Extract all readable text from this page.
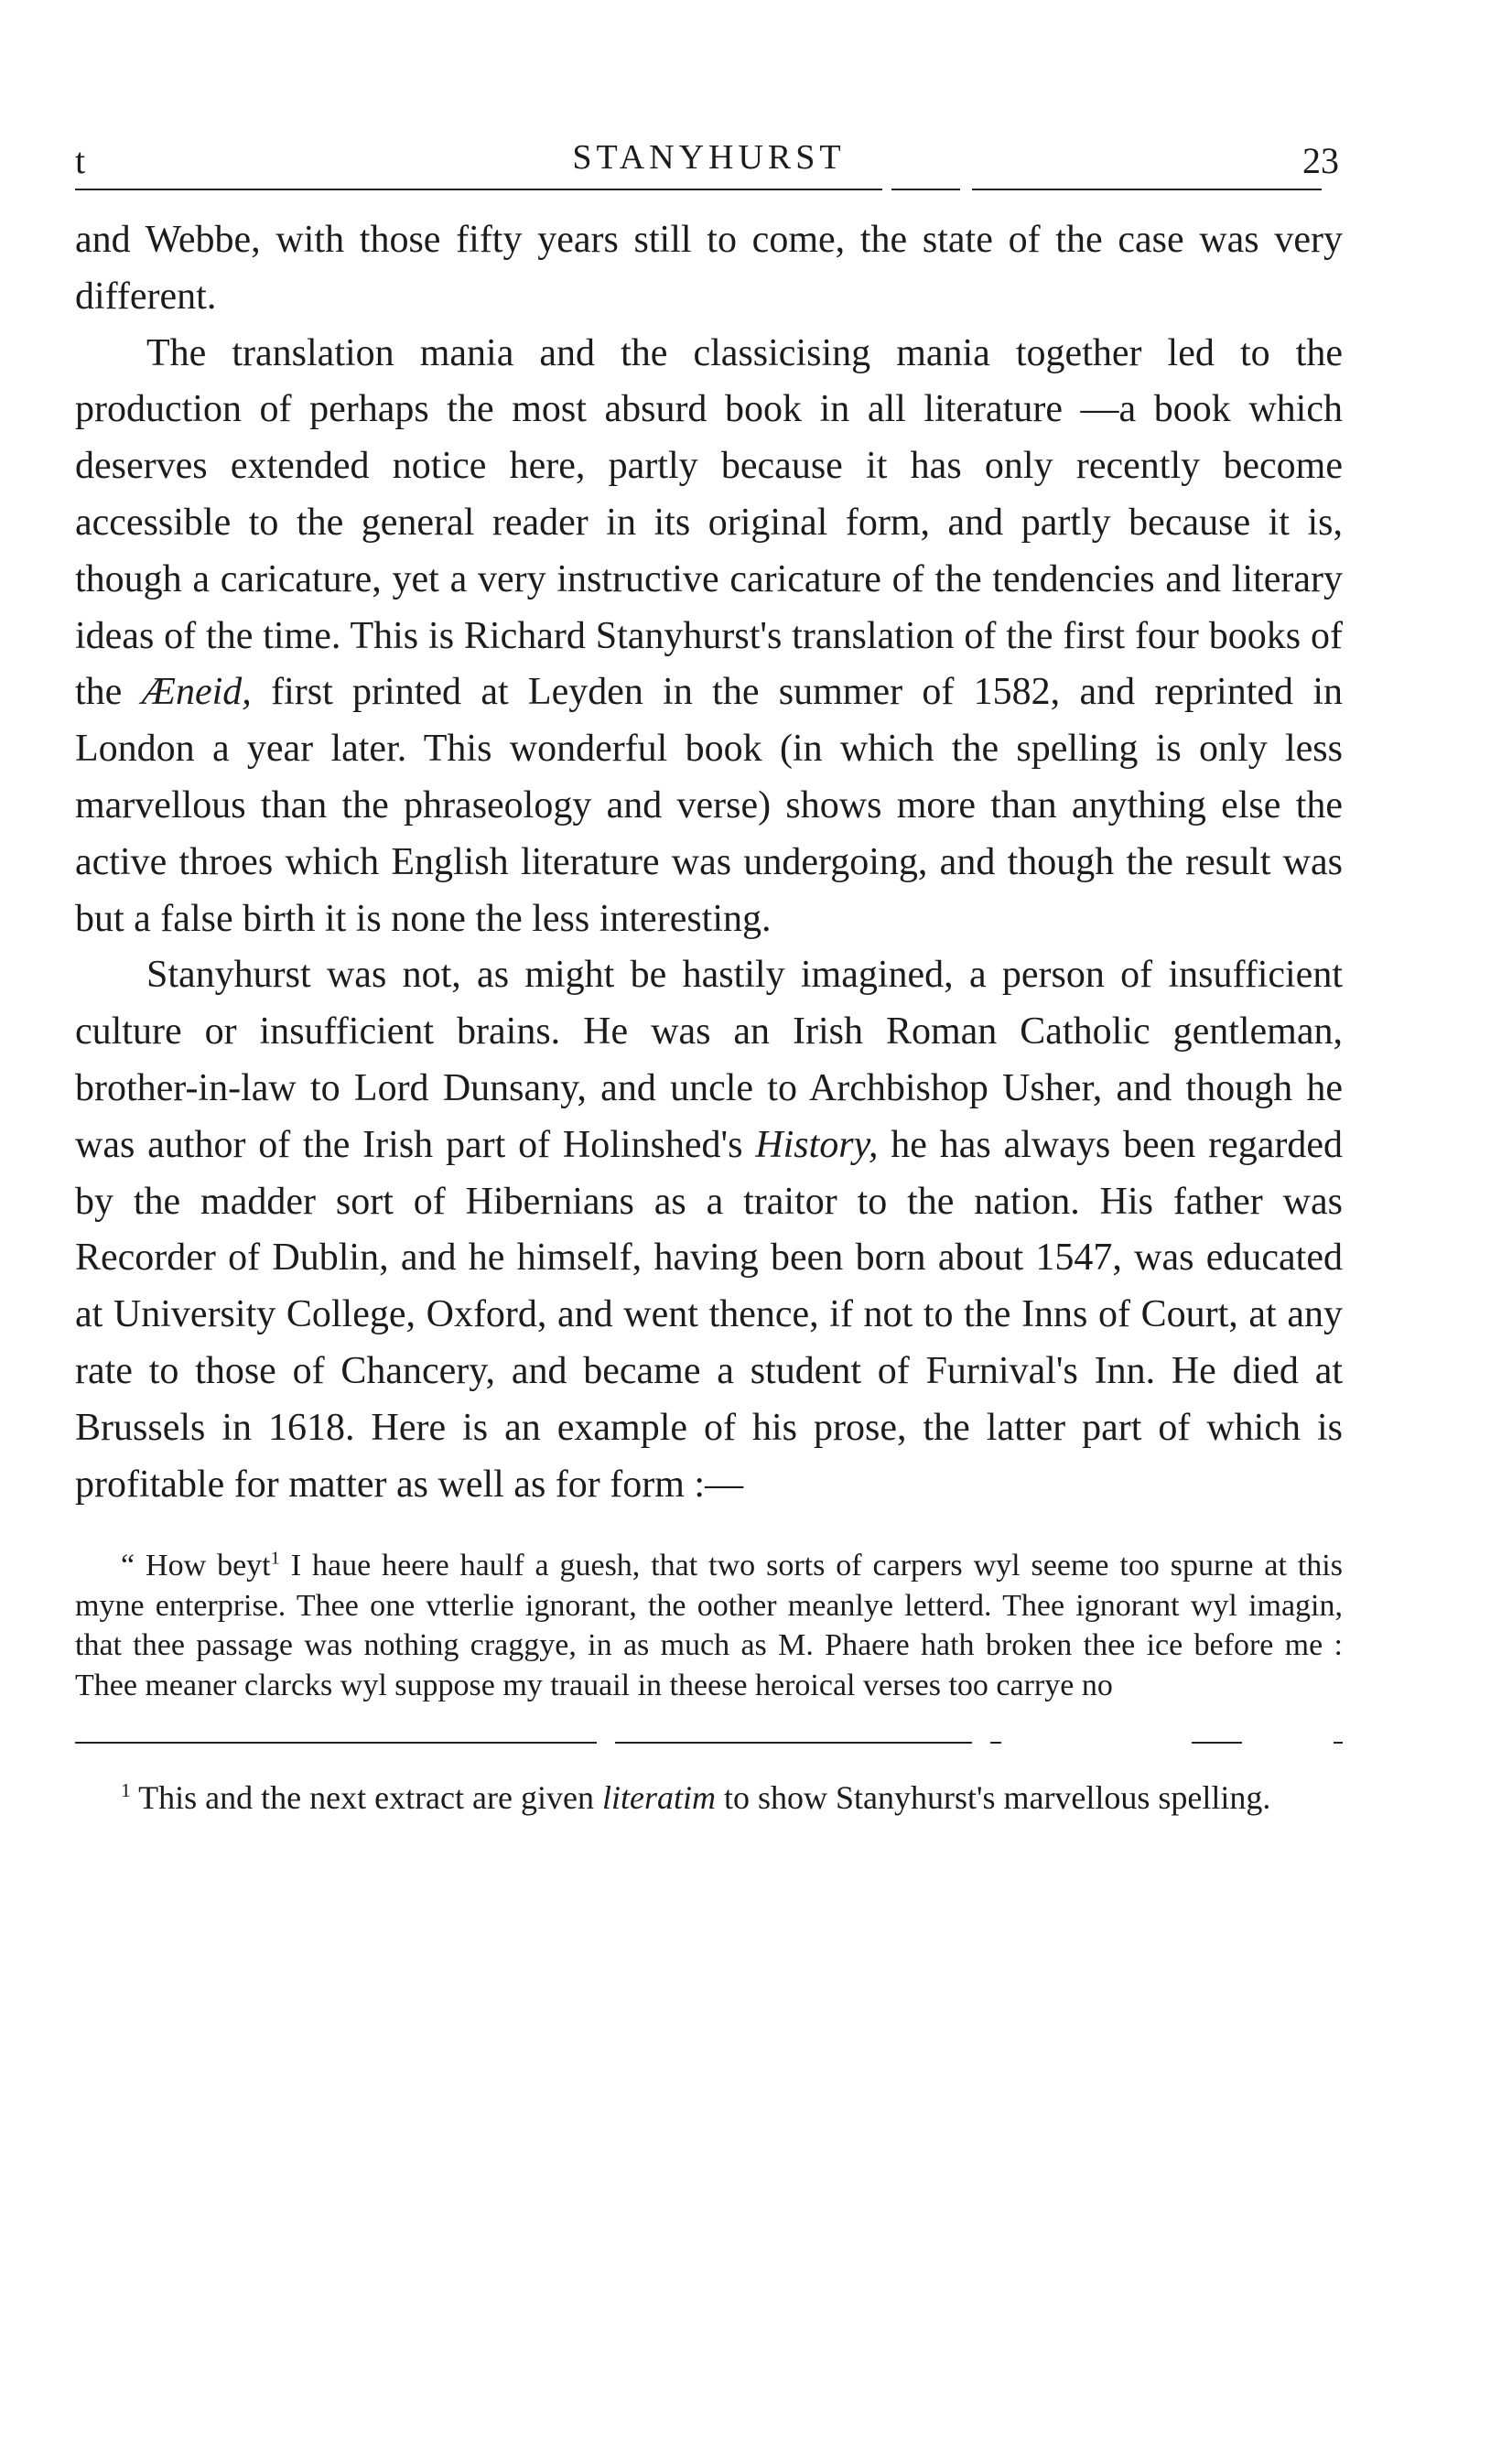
t	STANYHURST	23

and Webbe, with those fifty years still to come, the state of the case was very different.

The translation mania and the classicising mania together led to the production of perhaps the most absurd book in all literature —a book which deserves extended notice here, partly because it has only recently become accessible to the general reader in its original form, and partly because it is, though a caricature, yet a very instructive caricature of the tendencies and literary ideas of the time. This is Richard Stanyhurst's translation of the first four books of the Æneid, first printed at Leyden in the summer of 1582, and reprinted in London a year later. This wonderful book (in which the spelling is only less marvellous than the phraseology and verse) shows more than anything else the active throes which English literature was undergoing, and though the result was but a false birth it is none the less interesting.

Stanyhurst was not, as might be hastily imagined, a person of insufficient culture or insufficient brains. He was an Irish Roman Catholic gentleman, brother-in-law to Lord Dunsany, and uncle to Archbishop Usher, and though he was author of the Irish part of Holinshed's History, he has always been regarded by the madder sort of Hibernians as a traitor to the nation. His father was Recorder of Dublin, and he himself, having been born about 1547, was educated at University College, Oxford, and went thence, if not to the Inns of Court, at any rate to those of Chancery, and became a student of Furnival's Inn. He died at Brussels in 1618. Here is an example of his prose, the latter part of which is profitable for matter as well as for form :—

“ How beyt$^1$ I haue heere haulf a guesh, that two sorts of carpers wyl seeme too spurne at this myne enterprise. Thee one vtterlie ignorant, the oother meanlye letterd. Thee ignorant wyl imagin, that thee passage was nothing craggye, in as much as M. Phaere hath broken thee ice before me : Thee meaner clarcks wyl suppose my trauail in theese heroical verses too carrye no

$^1$ This and the next extract are given literatim to show Stanyhurst's marvellous spelling.
